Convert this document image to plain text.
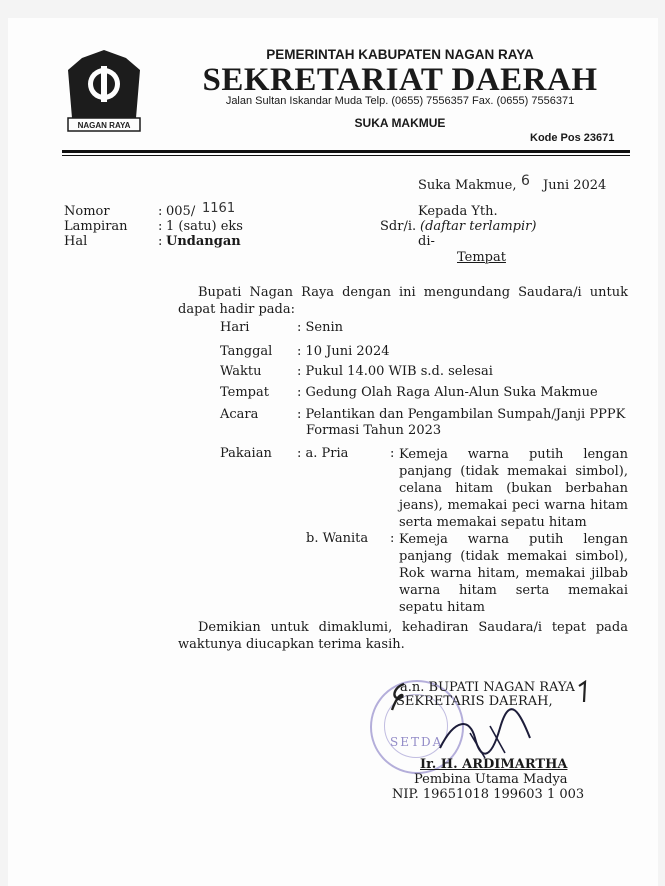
NAGAN RAYA
PEMERINTAH KABUPATEN NAGAN RAYA
SEKRETARIAT DAERAH
Jalan Sultan Iskandar Muda Telp. (0655) 7556357 Fax. (0655) 7556371
SUKA MAKMUE
Kode Pos 23671
Suka Makmue, 6 Juni 2024
Nomor	: 005/ 1161
Lampiran : 1 (satu) eks
Hal	: Undangan
Kepada Yth.
Sdr/i. (daftar terlampir)
di-
Tempat
Bupati Nagan Raya dengan ini mengundang Saudara/i untuk dapat hadir pada:
Hari	: Senin
Tanggal : 10 Juni 2024
Waktu	: Pukul 14.00 WIB s.d. selesai
Tempat : Gedung Olah Raga Alun-Alun Suka Makmue
Acara	: Pelantikan dan Pengambilan Sumpah/Janji PPPK
Formasi Tahun 2023
Pakaian : a. Pria	: Kemeja warna putih lengan panjang (tidak memakai simbol), celana hitam (bukan berbahan jeans), memakai peci warna hitam serta memakai sepatu hitam
b. Wanita : Kemeja warna putih lengan panjang (tidak memakai simbol), Rok warna hitam, memakai jilbab warna hitam serta memakai sepatu hitam
Demikian untuk dimaklumi, kehadiran Saudara/i tepat pada waktunya diucapkan terima kasih.
SETDA
a.n. BUPATI NAGAN RAYA
SEKRETARIS DAERAH,
Ir. H. ARDIMARTHA
Pembina Utama Madya
NIP. 19651018 199603 1 003
